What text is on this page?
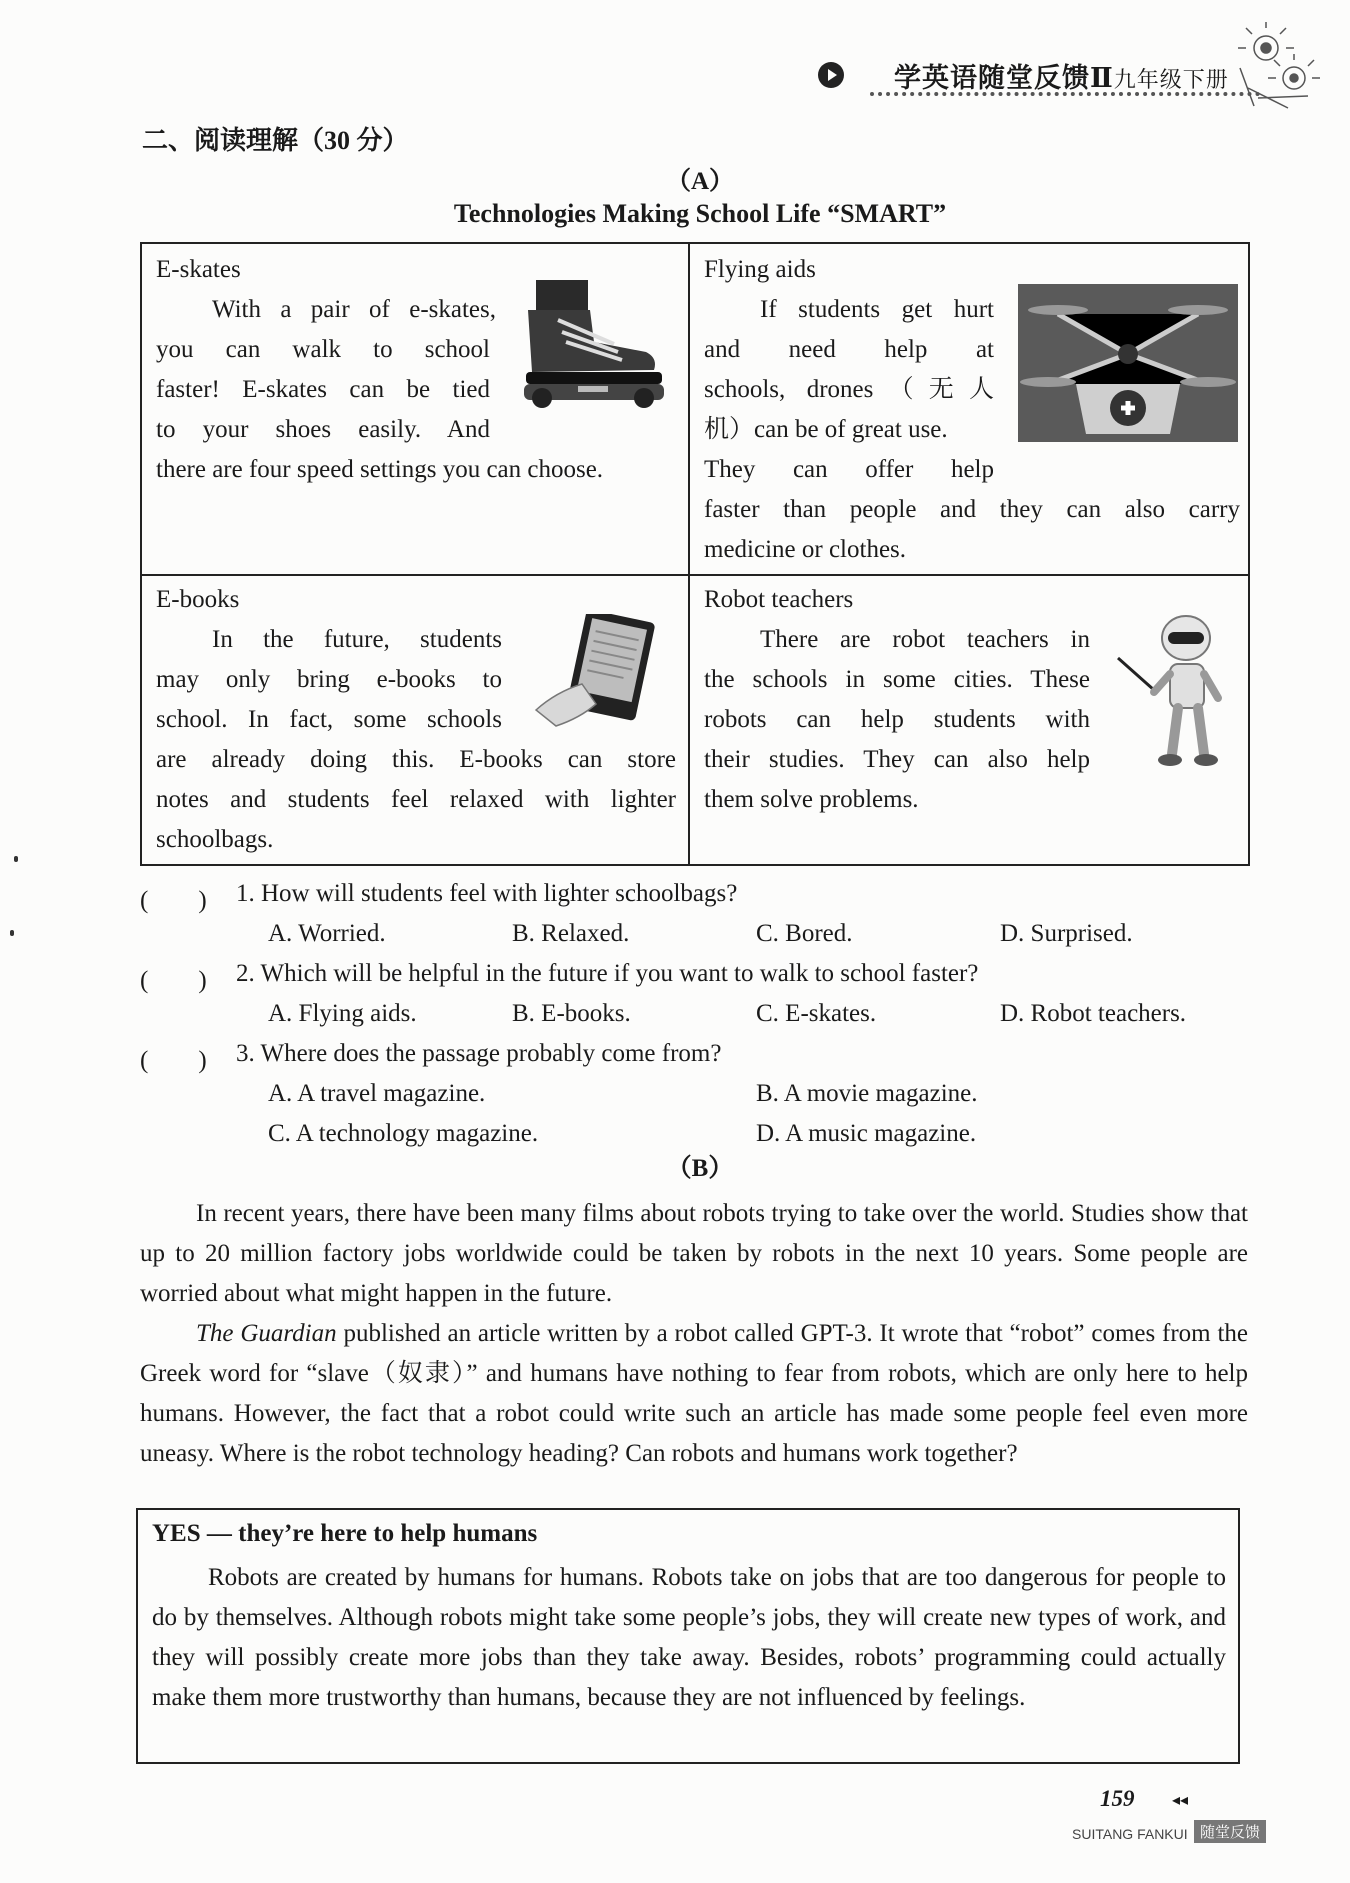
学英语随堂反馈Ⅱ九年级下册
二、阅读理解（30 分）
（A）
Technologies Making School Life “SMART”

E-skates

With a pair of e-skates,

you can walk to school

faster! E-skates can be tied

to your shoes easily. And

there are four speed settings you can choose.

Flying aids

If students get hurt

and need help at

schools, drones（无人

机）can be of great use.

They can offer help

faster than people and they can also carry

medicine or clothes.

E-books

In the future, students

may only bring e-books to

school. In fact, some schools

are already doing this. E-books can store

notes and students feel relaxed with lighter

schoolbags.

Robot teachers

There are robot teachers in

the schools in some cities. These

robots can help students with

their studies. They can also help

them solve problems.

(　　) 1. How will students feel with lighter schoolbags?
A. Worried.	B. Relaxed.	C. Bored.	D. Surprised.
(　　) 2. Which will be helpful in the future if you want to walk to school faster?
A. Flying aids.	B. E-books.	C. E-skates.	D. Robot teachers.
(　　) 3. Where does the passage probably come from?
A. A travel magazine.	B. A movie magazine.
C. A technology magazine.	D. A music magazine.
（B）

In recent years, there have been many films about robots trying to take over the world. Studies show that up to 20 million factory jobs worldwide could be taken by robots in the next 10 years. Some people are worried about what might happen in the future.

The Guardian published an article written by a robot called GPT-3. It wrote that “robot” comes from the Greek word for “slave（奴隶）” and humans have nothing to fear from robots, which are only here to help humans. However, the fact that a robot could write such an article has made some people feel even more uneasy. Where is the robot technology heading? Can robots and humans work together?

YES — they’re here to help humans
Robots are created by humans for humans. Robots take on jobs that are too dangerous for people to do by themselves. Although robots might take some people’s jobs, they will create new types of work, and they will possibly create more jobs than they take away. Besides, robots’ programming could actually make them more trustworthy than humans, because they are not influenced by feelings.
159 ◂◂
SUITANG FANKUI 随堂反馈
